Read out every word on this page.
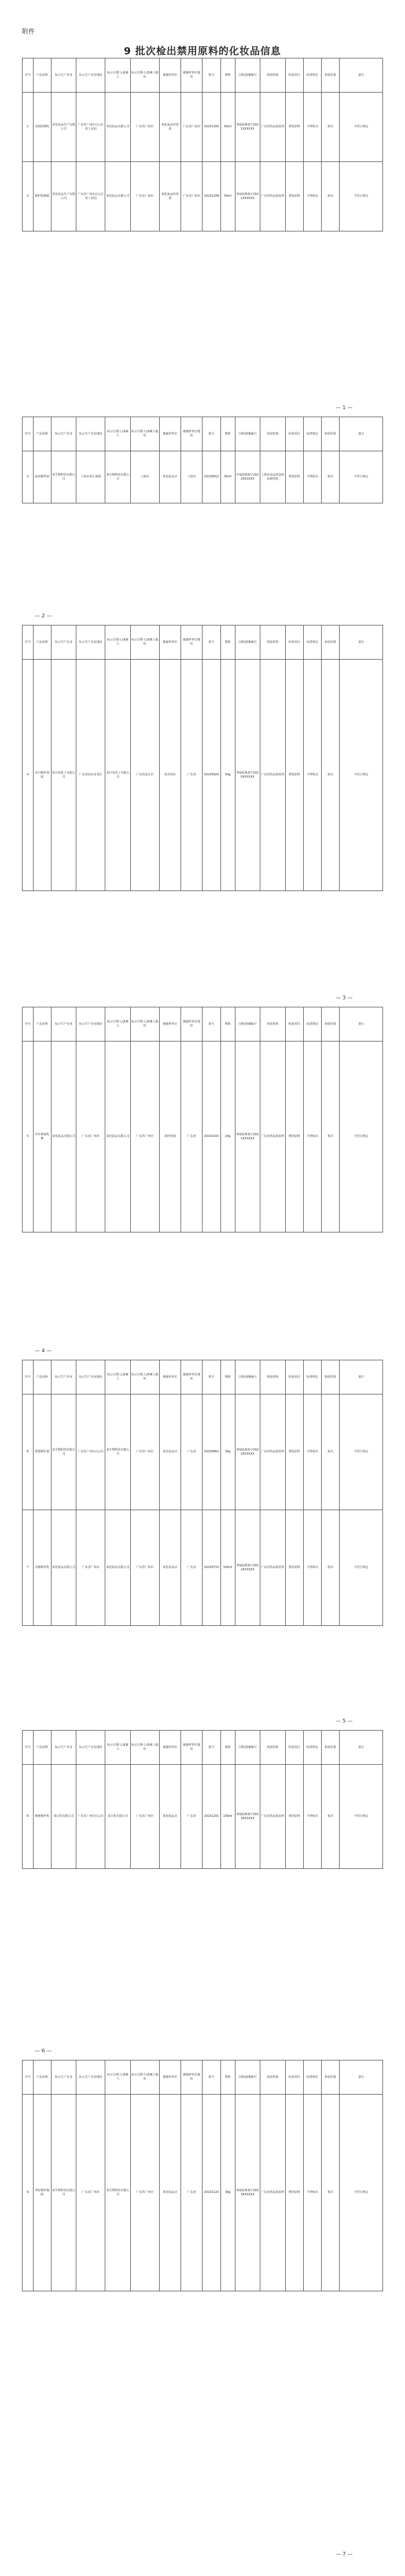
附件
9 批次检出禁用原料的化妆品信息
序号	产品名称	标示生产企业	标示生产企业地址	标示注册人/备案人	标示注册人/备案人地址	被抽样单位	被抽样单位地址	批号	规格	注册/备案编号	检验机构	检验项目	标准规定	检验结果	备注
1	亮肤防晒乳	某化妆品生产有限公司	广东省广州市白云区某工业园	某化妆品有限公司	广东省广州市	某化妆品经营部	广东省广州市	20231105	50ml	粤G妆网备字2021XXXXXX	广东省药品检验所	禁用原料	不得检出	检出	不符合规定
2	修护防晒霜	某化妆品生产有限公司	广东省广州市白云区某工业园	某化妆品有限公司	广东省广州市	某化妆品经营部	广东省广州市	20231108	50ml	粤G妆网备字2021XXXXXX	广东省药品检验所	禁用原料	不得检出	检出	不符合规定
— 1 —
序号	产品名称	标示生产企业	标示生产企业地址	标示注册人/备案人	标示注册人/备案人地址	被抽样单位	被抽样单位地址	批号	规格	注册/备案编号	检验机构	检验项目	标准规定	检验结果	备注
3	祛痘精华液	某生物科技有限公司	上海市某区某路	某生物科技有限公司	上海市	某化妆品店	上海市	20230612	30ml	沪G妆网备字2022XXXXXX	上海市食品药品检验研究院	禁用原料	不得检出	检出	不符合规定
— 2 —
序号	产品名称	标示生产企业	标示生产企业地址	标示注册人/备案人	标示注册人/备案人地址	被抽样单位	被抽样单位地址	批号	规格	注册/备案编号	检验机构	检验项目	标准规定	检验结果	备注
4	美白修护面霜	某日用化工有限公司	广东省汕头市某区	某日用化工有限公司	广东省汕头市	某美容店	广东省	20230920	50g	粤G妆网备字2020XXXXXX	广东省药品检验所	禁用原料	不得检出	检出	不符合规定
— 3 —
序号	产品名称	标示生产企业	标示生产企业地址	标示注册人/备案人	标示注册人/备案人地址	被抽样单位	被抽样单位地址	批号	规格	注册/备案编号	检验机构	检验项目	标准规定	检验结果	备注
5	草本抑菌乳膏	某化妆品有限公司	广东省广州市	某化妆品有限公司	广东省广州市	某经营部	广东省	20231015	20g	粤G妆网备字2021XXXXXX	广东省药品检验所	禁用原料	不得检出	检出	不符合规定
— 4 —
序号	产品名称	标示生产企业	标示生产企业地址	标示注册人/备案人	标示注册人/备案人地址	被抽样单位	被抽样单位地址	批号	规格	注册/备案编号	检验机构	检验项目	标准规定	检验结果	备注
6	舒缓修护霜	某生物科技有限公司	广东省广州市白云区	某生物科技有限公司	广东省广州市	某化妆品店	广东省	20230802	30g	粤G妆网备字2022XXXXXX	广东省药品检验所	禁用原料	不得检出	检出	不符合规定
7	亮颜精华乳	某化妆品有限公司	广东省广州市	某化妆品有限公司	广东省广州市	某化妆品店	广东省	20230715	100ml	粤G妆网备字2022XXXXXX	广东省药品检验所	禁用原料	不得检出	检出	不符合规定
— 5 —
序号	产品名称	标示生产企业	标示生产企业地址	标示注册人/备案人	标示注册人/备案人地址	被抽样单位	被抽样单位地址	批号	规格	注册/备案编号	检验机构	检验项目	标准规定	检验结果	备注
8	焕颜修护乳	某日化有限公司	广东省广州市白云区	某日化有限公司	广东省广州市	某化妆品店	广东省	20231201	100ml	粤G妆网备字2023XXXXXX	广东省药品检验所	禁用原料	不得检出	检出	不符合规定
— 6 —
序号	产品名称	标示生产企业	标示生产企业地址	标示注册人/备案人	标示注册人/备案人地址	被抽样单位	被抽样单位地址	批号	规格	注册/备案编号	检验机构	检验项目	标准规定	检验结果	备注
9	净痘修护凝胶	某生物科技有限公司	广东省广州市	某生物科技有限公司	广东省广州市	某化妆品店	广东省	20231120	30g	粤G妆网备字2023XXXXXX	广东省药品检验所	禁用原料	不得检出	检出	不符合规定
— 7 —
